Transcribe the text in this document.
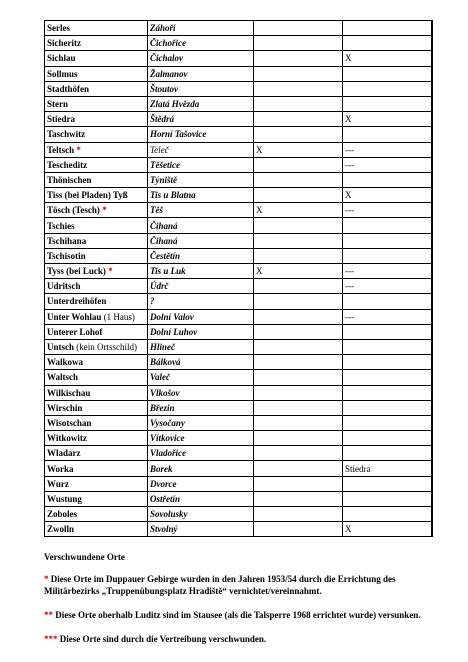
Serles	Záhoří			
Sicheritz	Čichořice			
Sichlau	Čichalov		X	
Sollmus	Žalmanov			
Stadthöfen	Štoutov			
Stern	Zlatá Hvězda			
Stiedra	Štědrá		X	
Taschwitz	Horní Tašovice			
Teltsch *	Teleč	X	---	
Tescheditz	Těšetice		---	
Thönischen	Týniště			
Tiss (bei Pladen) Tyß	Tis u Blatna		X	
Tösch (Tesch) *	Těš	X	---	
Tschies	Čihaná			
Tschihana	Čihaná			
Tschisotin	Čestětín			
Tyss (bei Luck) *	Tis u Luk	X	---	
Udritsch	Údrč		---	
Unterdreihöfen	?			
Unter Wohlau (1 Haus)	Dolní Valov		---	
Unterer Lohof	Dolní Luhov			
Untsch (kein Ortsschild)	Hlineč			
Walkowa	Bálková			
Waltsch	Valeč			
Wilkischau	Vlkošov			
Wirschin	Březin			
Wisotschan	Vysočany			
Witkowitz	Vítkovice			
Wladarz	Vladořice			
Worka	Borek		Stiedra	
Wurz	Dvorce			
Wustung	Ostřetín			
Zoboles	Sovolusky			
Zwolln	Stvolný		X	
Verschwundene Orte
* Diese Orte im Duppauer Gebirge wurden in den Jahren 1953/54 durch die Errichtung des Militärbezirks „Truppenübungsplatz Hradiště“ vernichtet/vereinnahmt.
** Diese Orte oberhalb Luditz sind im Stausee (als die Talsperre 1968 errichtet wurde) versunken.
*** Diese Orte sind durch die Vertreibung verschwunden.
